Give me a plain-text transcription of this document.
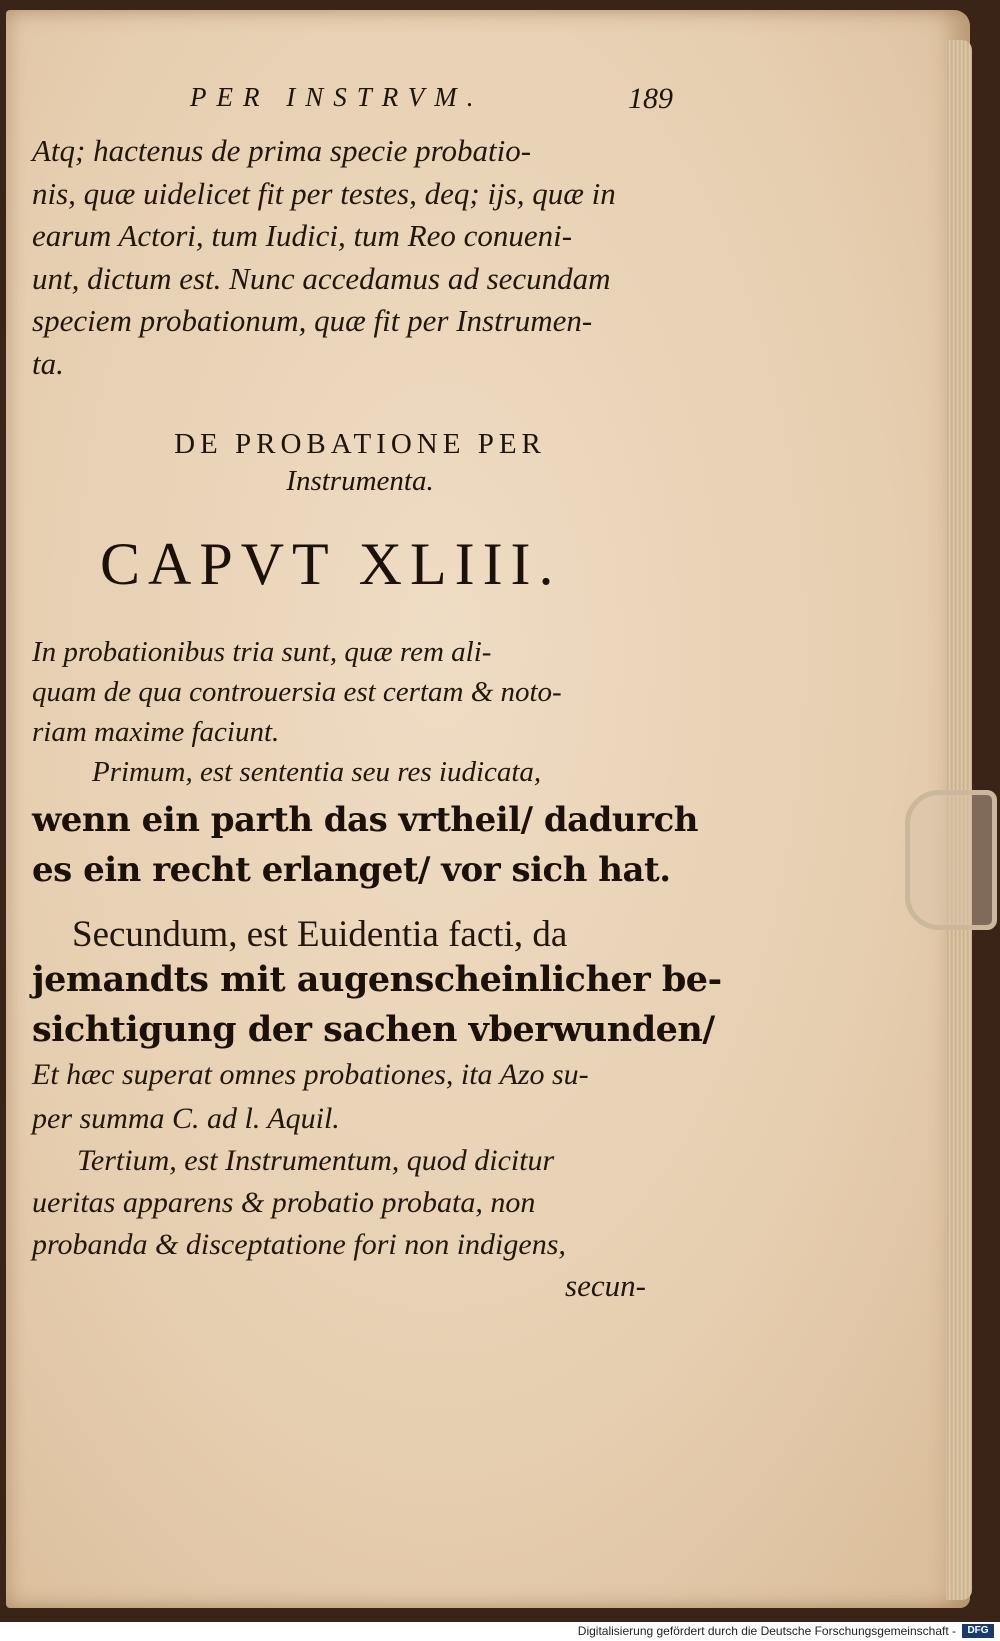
PER INSTRVM.	189
Atq; hactenus de prima specie probatio-
nis, quæ uidelicet fit per testes, deq; ijs, quæ in
earum Actori, tum Iudici, tum Reo conueni-
unt, dictum est. Nunc accedamus ad secundam
speciem probationum, quæ fit per Instrumen-
ta.
DE PROBATIONE PER
Instrumenta.
CAPVT XLIII.
In probationibus tria sunt, quæ rem ali-
quam de qua controuersia est certam & noto-
riam maxime faciunt.
Primum, est sententia seu res iudicata,
wenn ein parth das vrtheil/ dadurch
es ein recht erlanget/ vor sich hat.
Secundum, est Euidentia facti, da
jemandts mit augenscheinlicher be-
sichtigung der sachen vberwunden/
Et hæc superat omnes probationes, ita Azo su-
per summa C. ad l. Aquil.
Tertium, est Instrumentum, quod dicitur
ueritas apparens & probatio probata, non
probanda & disceptatione fori non indigens,
secun-
Digitalisierung gefördert durch die Deutsche Forschungsgemeinschaft -	DFG
